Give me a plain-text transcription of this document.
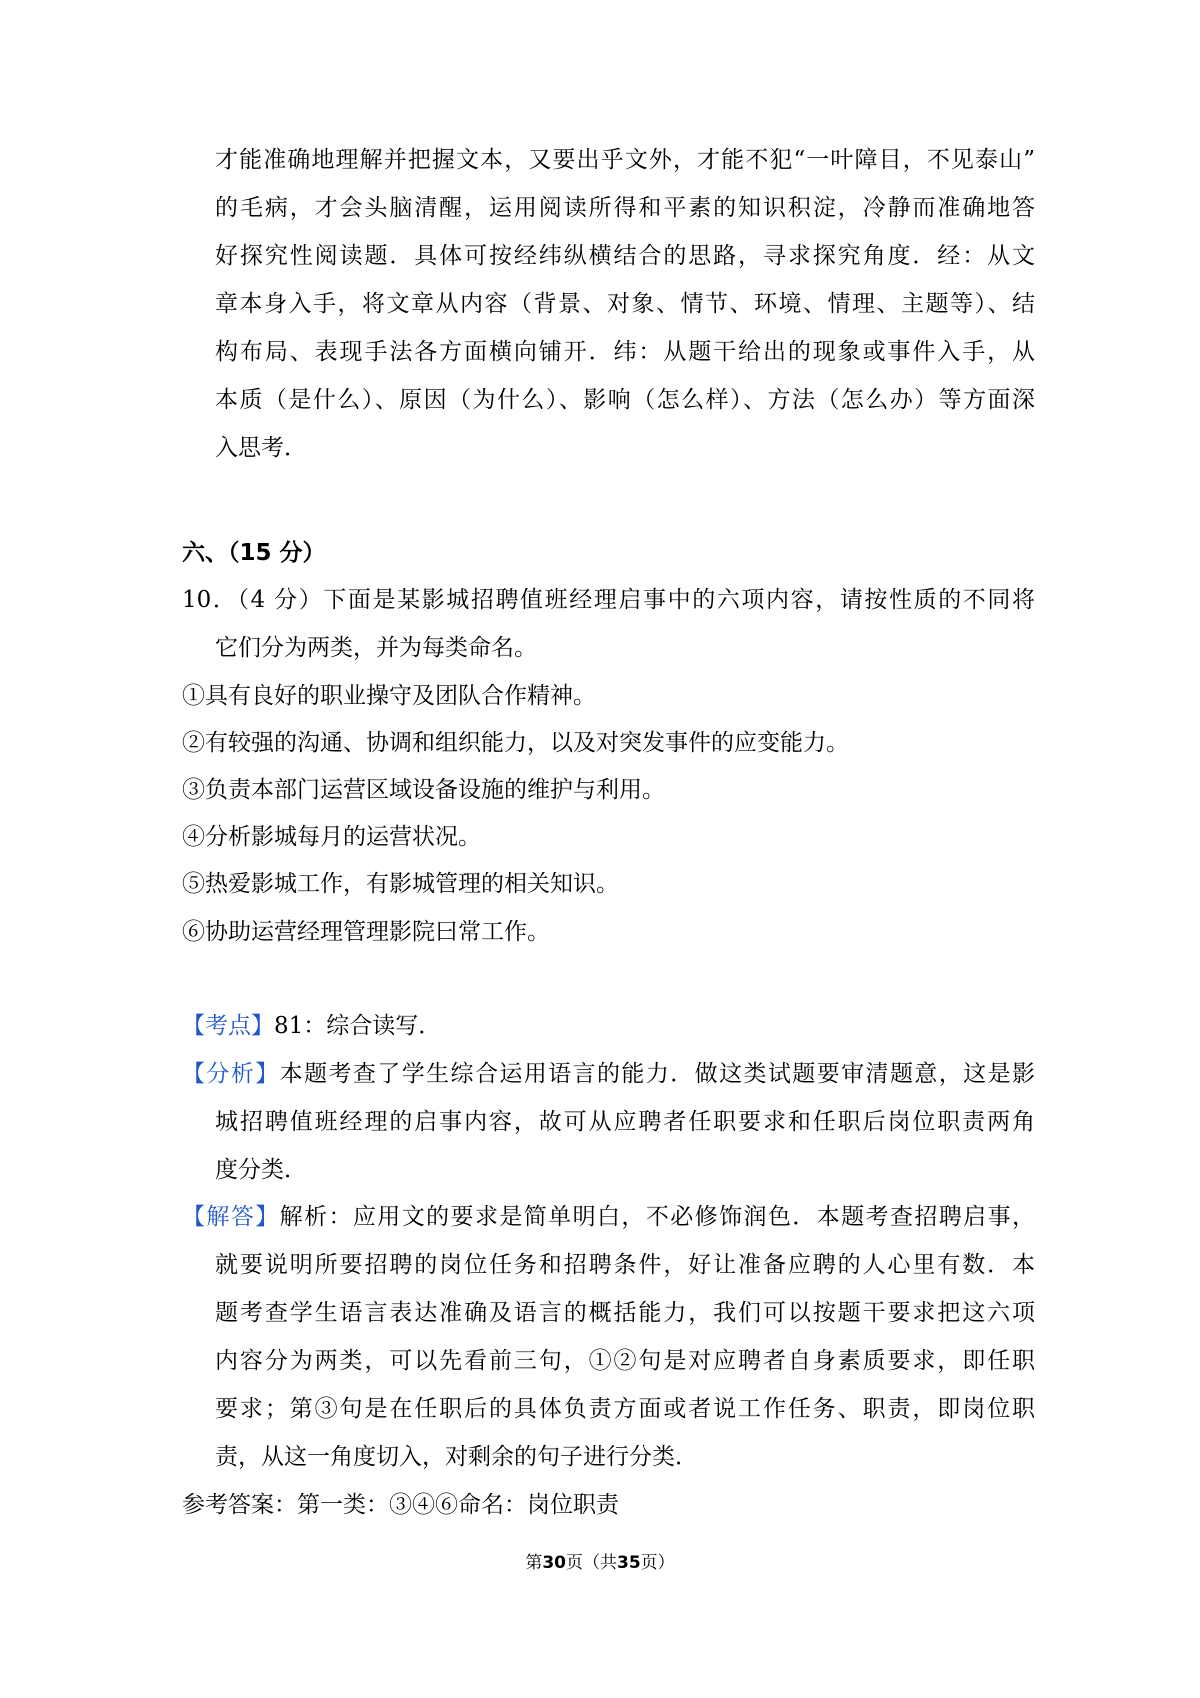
才能准确地理解并把握文本，又要出乎文外，才能不犯“一叶障目，不见泰山”
的毛病，才会头脑清醒，运用阅读所得和平素的知识积淀，冷静而准确地答
好探究性阅读题．具体可按经纬纵横结合的思路，寻求探究角度．经：从文
章本身入手，将文章从内容（背景、对象、情节、环境、情理、主题等）、结
构布局、表现手法各方面横向铺开．纬：从题干给出的现象或事件入手，从
本质（是什么）、原因（为什么）、影响（怎么样）、方法（怎么办）等方面深
入思考．
六、（15 分）
10．（4 分）下面是某影城招聘值班经理启事中的六项内容，请按性质的不同将
它们分为两类，并为每类命名。
①具有良好的职业操守及团队合作精神。
②有较强的沟通、协调和组织能力，以及对突发事件的应变能力。
③负责本部门运营区域设备设施的维护与利用。
④分析影城每月的运营状况。
⑤热爱影城工作，有影城管理的相关知识。
⑥协助运营经理管理影院曰常工作。
【考点】81：综合读写．
【分析】本题考查了学生综合运用语言的能力．做这类试题要审清题意，这是影
城招聘值班经理的启事内容，故可从应聘者任职要求和任职后岗位职责两角
度分类．
【解答】解析：应用文的要求是简单明白，不必修饰润色．本题考查招聘启事，
就要说明所要招聘的岗位任务和招聘条件，好让准备应聘的人心里有数．本
题考查学生语言表达准确及语言的概括能力，我们可以按题干要求把这六项
内容分为两类，可以先看前三句，①②句是对应聘者自身素质要求，即任职
要求；第③句是在任职后的具体负责方面或者说工作任务、职责，即岗位职
责，从这一角度切入，对剩余的句子进行分类．
参考答案：第一类：③④⑥命名：岗位职责
第30页（共35页）
